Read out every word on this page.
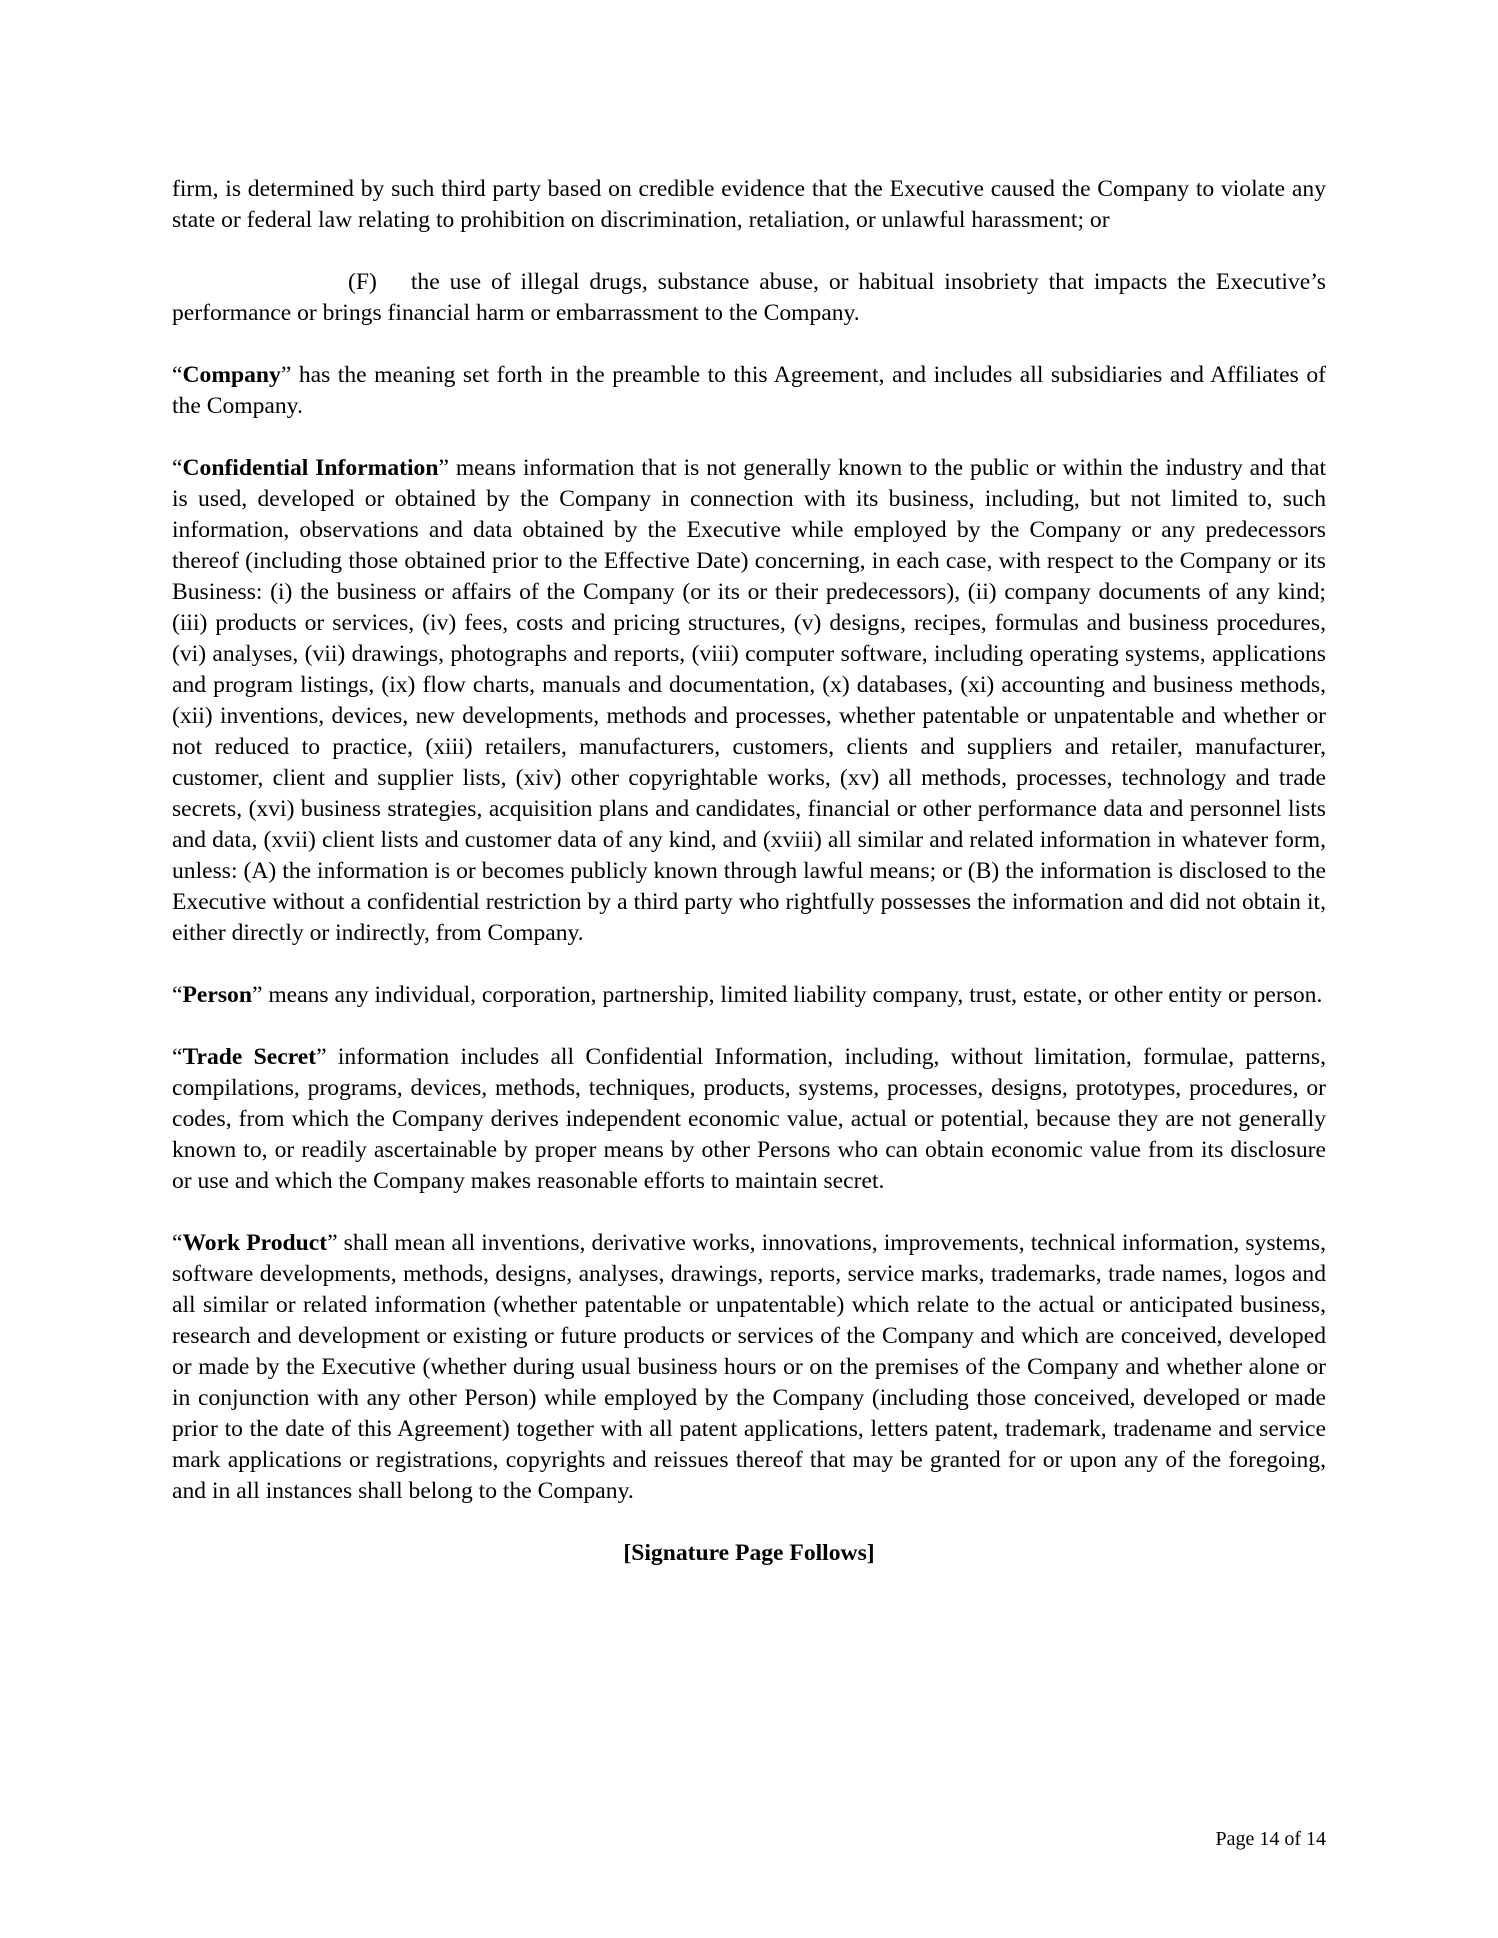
firm, is determined by such third party based on credible evidence that the Executive caused the Company to violate any state or federal law relating to prohibition on discrimination, retaliation, or unlawful harassment; or

(F) the use of illegal drugs, substance abuse, or habitual insobriety that impacts the Executive’s performance or brings financial harm or embarrassment to the Company.

“Company” has the meaning set forth in the preamble to this Agreement, and includes all subsidiaries and Affiliates of the Company.

“Confidential Information” means information that is not generally known to the public or within the industry and that is used, developed or obtained by the Company in connection with its business, including, but not limited to, such information, observations and data obtained by the Executive while employed by the Company or any predecessors thereof (including those obtained prior to the Effective Date) concerning, in each case, with respect to the Company or its Business: (i) the business or affairs of the Company (or its or their predecessors), (ii) company documents of any kind; (iii) products or services, (iv) fees, costs and pricing structures, (v) designs, recipes, formulas and business procedures, (vi) analyses, (vii) drawings, photographs and reports, (viii) computer software, including operating systems, applications and program listings, (ix) flow charts, manuals and documentation, (x) databases, (xi) accounting and business methods, (xii) inventions, devices, new developments, methods and processes, whether patentable or unpatentable and whether or not reduced to practice, (xiii) retailers, manufacturers, customers, clients and suppliers and retailer, manufacturer, customer, client and supplier lists, (xiv) other copyrightable works, (xv) all methods, processes, technology and trade secrets, (xvi) business strategies, acquisition plans and candidates, financial or other performance data and personnel lists and data, (xvii) client lists and customer data of any kind, and (xviii) all similar and related information in whatever form, unless: (A) the information is or becomes publicly known through lawful means; or (B) the information is disclosed to the Executive without a confidential restriction by a third party who rightfully possesses the information and did not obtain it, either directly or indirectly, from Company.

“Person” means any individual, corporation, partnership, limited liability company, trust, estate, or other entity or person.

“Trade Secret” information includes all Confidential Information, including, without limitation, formulae, patterns, compilations, programs, devices, methods, techniques, products, systems, processes, designs, prototypes, procedures, or codes, from which the Company derives independent economic value, actual or potential, because they are not generally known to, or readily ascertainable by proper means by other Persons who can obtain economic value from its disclosure or use and which the Company makes reasonable efforts to maintain secret.

“Work Product” shall mean all inventions, derivative works, innovations, improvements, technical information, systems, software developments, methods, designs, analyses, drawings, reports, service marks, trademarks, trade names, logos and all similar or related information (whether patentable or unpatentable) which relate to the actual or anticipated business, research and development or existing or future products or services of the Company and which are conceived, developed or made by the Executive (whether during usual business hours or on the premises of the Company and whether alone or in conjunction with any other Person) while employed by the Company (including those conceived, developed or made prior to the date of this Agreement) together with all patent applications, letters patent, trademark, tradename and service mark applications or registrations, copyrights and reissues thereof that may be granted for or upon any of the foregoing, and in all instances shall belong to the Company.

[Signature Page Follows]

Page 14 of 14
